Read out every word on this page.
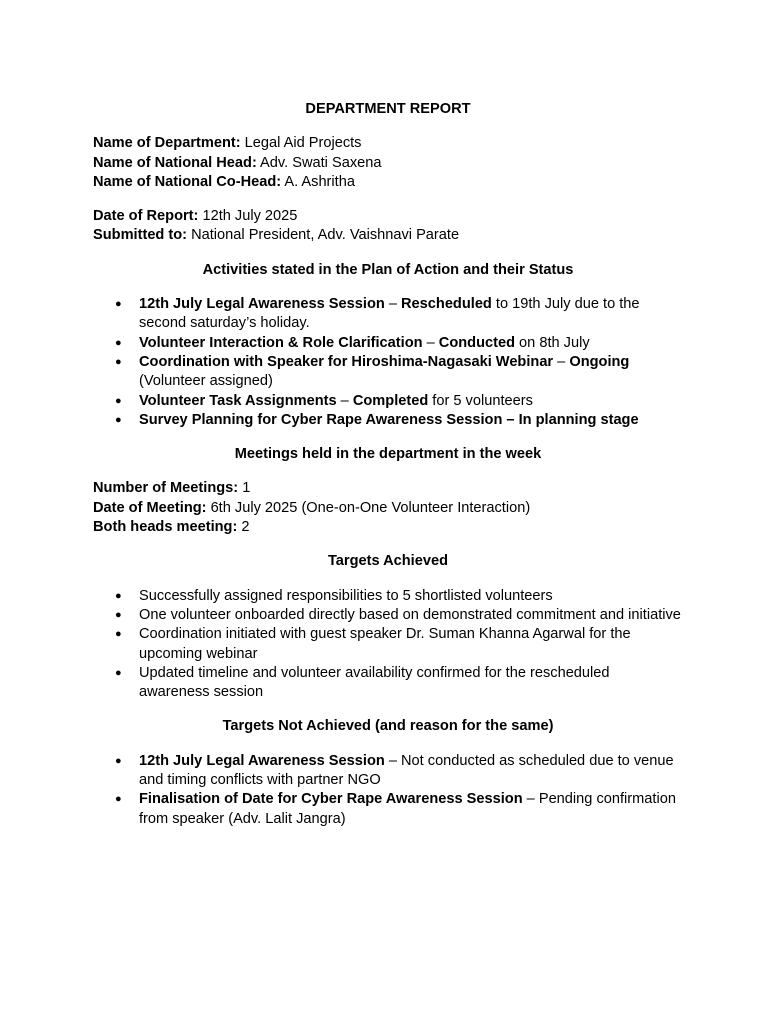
DEPARTMENT REPORT

Name of Department: Legal Aid Projects

Name of National Head: Adv. Swati Saxena

Name of National Co-Head: A. Ashritha

Date of Report: 12th July 2025

Submitted to: National President, Adv. Vaishnavi Parate

Activities stated in the Plan of Action and their Status

● 12th July Legal Awareness Session – Rescheduled to 19th July due to the second saturday’s holiday.
● Volunteer Interaction & Role Clarification – Conducted on 8th July
● Coordination with Speaker for Hiroshima-Nagasaki Webinar – Ongoing (Volunteer assigned)
● Volunteer Task Assignments – Completed for 5 volunteers
● Survey Planning for Cyber Rape Awareness Session – In planning stage

Meetings held in the department in the week

Number of Meetings: 1

Date of Meeting: 6th July 2025 (One-on-One Volunteer Interaction)

Both heads meeting: 2

Targets Achieved

● Successfully assigned responsibilities to 5 shortlisted volunteers
● One volunteer onboarded directly based on demonstrated commitment and initiative
● Coordination initiated with guest speaker Dr. Suman Khanna Agarwal for the upcoming webinar
● Updated timeline and volunteer availability confirmed for the rescheduled awareness session

Targets Not Achieved (and reason for the same)

● 12th July Legal Awareness Session – Not conducted as scheduled due to venue and timing conflicts with partner NGO
● Finalisation of Date for Cyber Rape Awareness Session – Pending confirmation from speaker (Adv. Lalit Jangra)
